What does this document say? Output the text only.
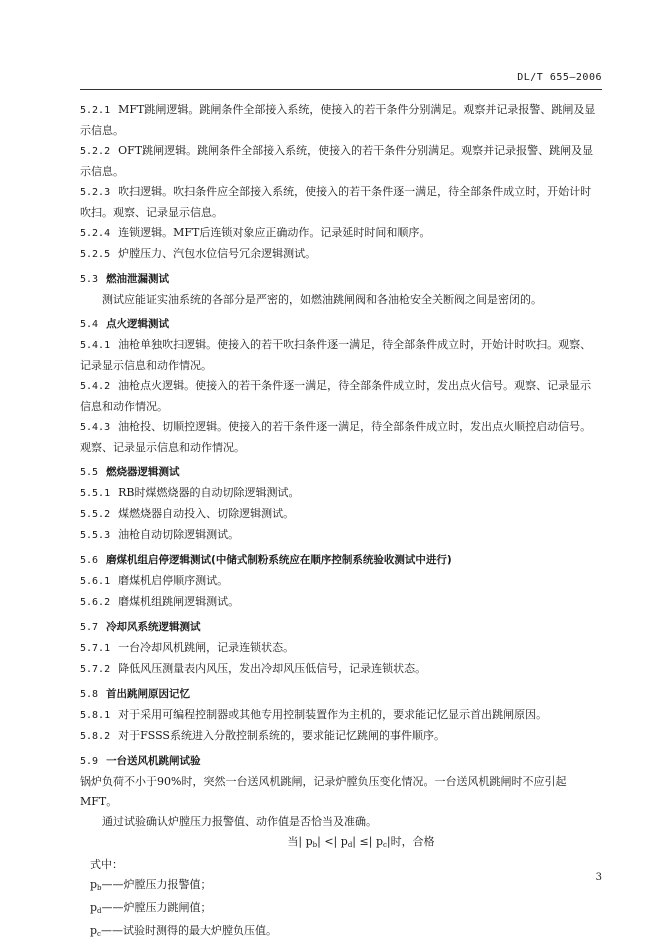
DL/T 655—2006

5.2.1 MFT跳闸逻辑。跳闸条件全部接入系统，使接入的若干条件分别满足。观察并记录报警、跳闸及显示信息。

5.2.2 OFT跳闸逻辑。跳闸条件全部接入系统，使接入的若干条件分别满足。观察并记录报警、跳闸及显示信息。

5.2.3 吹扫逻辑。吹扫条件应全部接入系统，使接入的若干条件逐一满足，待全部条件成立时，开始计时吹扫。观察、记录显示信息。

5.2.4 连锁逻辑。MFT后连锁对象应正确动作。记录延时时间和顺序。

5.2.5 炉膛压力、汽包水位信号冗余逻辑测试。

5.3 燃油泄漏测试

测试应能证实油系统的各部分是严密的，如燃油跳闸阀和各油枪安全关断阀之间是密闭的。

5.4 点火逻辑测试

5.4.1 油枪单独吹扫逻辑。使接入的若干吹扫条件逐一满足，待全部条件成立时，开始计时吹扫。观察、记录显示信息和动作情况。

5.4.2 油枪点火逻辑。使接入的若干条件逐一满足，待全部条件成立时，发出点火信号。观察、记录显示信息和动作情况。

5.4.3 油枪投、切顺控逻辑。使接入的若干条件逐一满足，待全部条件成立时，发出点火顺控启动信号。观察、记录显示信息和动作情况。

5.5 燃烧器逻辑测试

5.5.1 RB时煤燃烧器的自动切除逻辑测试。

5.5.2 煤燃烧器自动投入、切除逻辑测试。

5.5.3 油枪自动切除逻辑测试。

5.6 磨煤机组启停逻辑测试(中储式制粉系统应在顺序控制系统验收测试中进行)

5.6.1 磨煤机启停顺序测试。

5.6.2 磨煤机组跳闸逻辑测试。

5.7 冷却风系统逻辑测试

5.7.1 一台冷却风机跳闸，记录连锁状态。

5.7.2 降低风压测量表内风压，发出冷却风压低信号，记录连锁状态。

5.8 首出跳闸原因记忆

5.8.1 对于采用可编程控制器或其他专用控制装置作为主机的，要求能记忆显示首出跳闸原因。

5.8.2 对于FSSS系统进入分散控制系统的，要求能记忆跳闸的事件顺序。

5.9 一台送风机跳闸试验

锅炉负荷不小于90%时，突然一台送风机跳闸，记录炉膛负压变化情况。一台送风机跳闸时不应引起MFT。

通过试验确认炉膛压力报警值、动作值是否恰当及准确。

当| $p_b|$ <| $p_d|$ ≤| $p_c|$时，合格

式中：

$p_b——$炉膛压力报警值；

$p_d——$炉膛压力跳闸值；

$p_c——$试验时测得的最大炉膛负压值。

3
